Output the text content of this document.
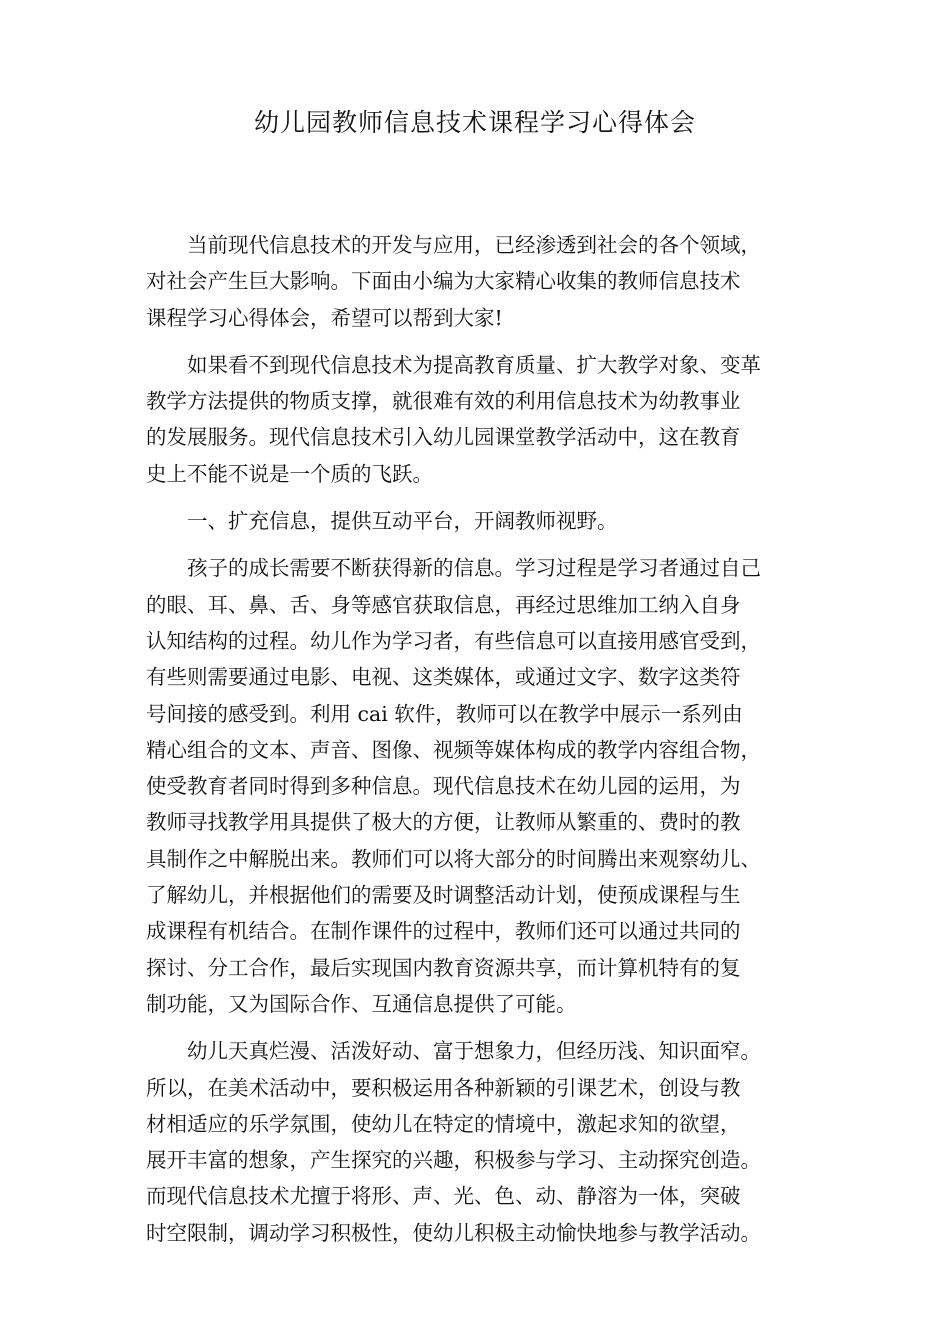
幼儿园教师信息技术课程学习心得体会

当前现代信息技术的开发与应用，已经渗透到社会的各个领域，
对社会产生巨大影响。下面由小编为大家精心收集的教师信息技术
课程学习心得体会，希望可以帮到大家!

如果看不到现代信息技术为提高教育质量、扩大教学对象、变革
教学方法提供的物质支撑，就很难有效的利用信息技术为幼教事业
的发展服务。现代信息技术引入幼儿园课堂教学活动中，这在教育
史上不能不说是一个质的飞跃。

一、扩充信息，提供互动平台，开阔教师视野。

孩子的成长需要不断获得新的信息。学习过程是学习者通过自己
的眼、耳、鼻、舌、身等感官获取信息，再经过思维加工纳入自身
认知结构的过程。幼儿作为学习者，有些信息可以直接用感官受到，
有些则需要通过电影、电视、这类媒体，或通过文字、数字这类符
号间接的感受到。利用 cai 软件，教师可以在教学中展示一系列由
精心组合的文本、声音、图像、视频等媒体构成的教学内容组合物，
使受教育者同时得到多种信息。现代信息技术在幼儿园的运用，为
教师寻找教学用具提供了极大的方便，让教师从繁重的、费时的教
具制作之中解脱出来。教师们可以将大部分的时间腾出来观察幼儿、
了解幼儿，并根据他们的需要及时调整活动计划，使预成课程与生
成课程有机结合。在制作课件的过程中，教师们还可以通过共同的
探讨、分工合作，最后实现国内教育资源共享，而计算机特有的复
制功能，又为国际合作、互通信息提供了可能。

幼儿天真烂漫、活泼好动、富于想象力，但经历浅、知识面窄。
所以，在美术活动中，要积极运用各种新颖的引课艺术，创设与教
材相适应的乐学氛围，使幼儿在特定的情境中，激起求知的欲望，
展开丰富的想象，产生探究的兴趣，积极参与学习、主动探究创造。
而现代信息技术尤擅于将形、声、光、色、动、静溶为一体，突破
时空限制，调动学习积极性，使幼儿积极主动愉快地参与教学活动。
